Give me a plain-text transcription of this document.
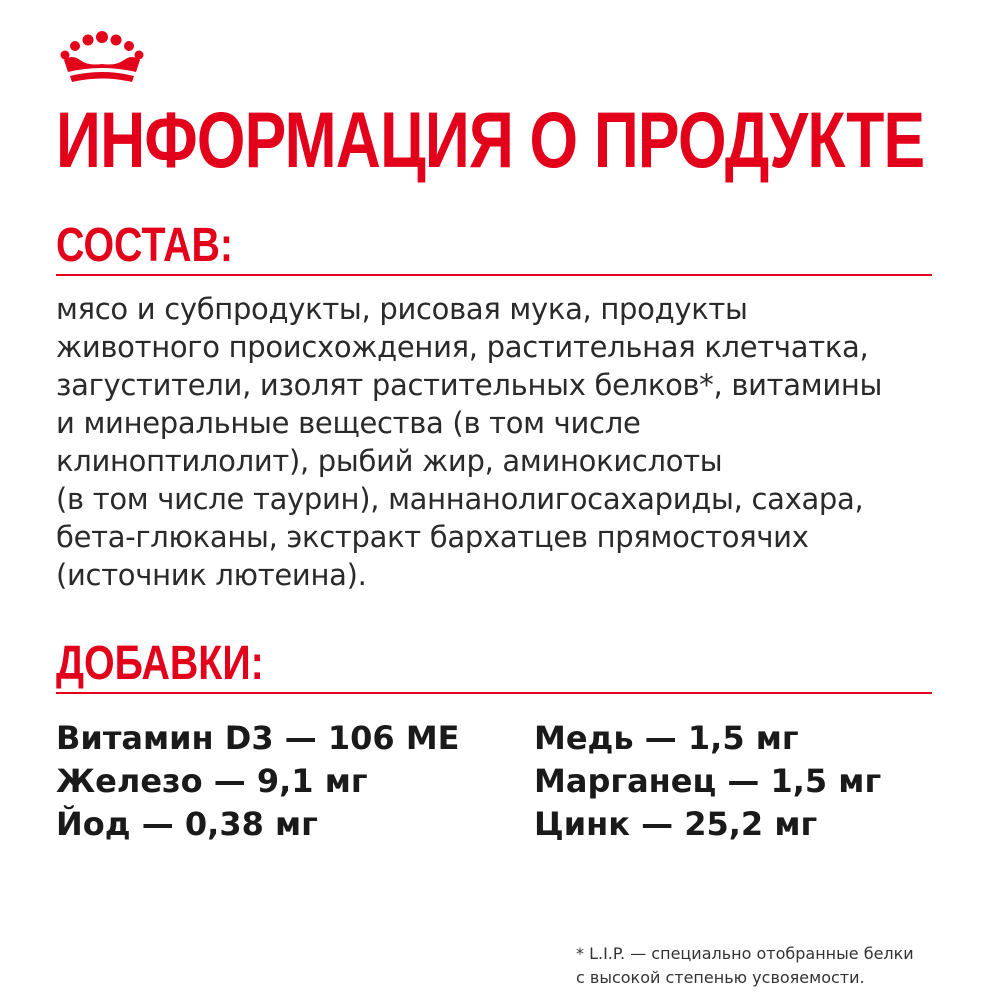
ИНФОРМАЦИЯ О ПРОДУКТЕ
СОСТАВ:
мясо и субпродукты, рисовая мука, продукты
животного происхождения, растительная клетчатка,
загустители, изолят растительных белков*, витамины
и минеральные вещества (в том числе
клиноптилолит), рыбий жир, аминокислоты
(в том числе таурин), маннанолигосахариды, сахара,
бета-глюканы, экстракт бархатцев прямостоячих
(источник лютеина).
ДОБАВКИ:
Витамин D3 — 106 МЕ
Железо — 9,1 мг
Йод — 0,38 мг
Медь — 1,5 мг
Марганец — 1,5 мг
Цинк — 25,2 мг
* L.I.P. — специально отобранные белки
с высокой степенью усвояемости.
